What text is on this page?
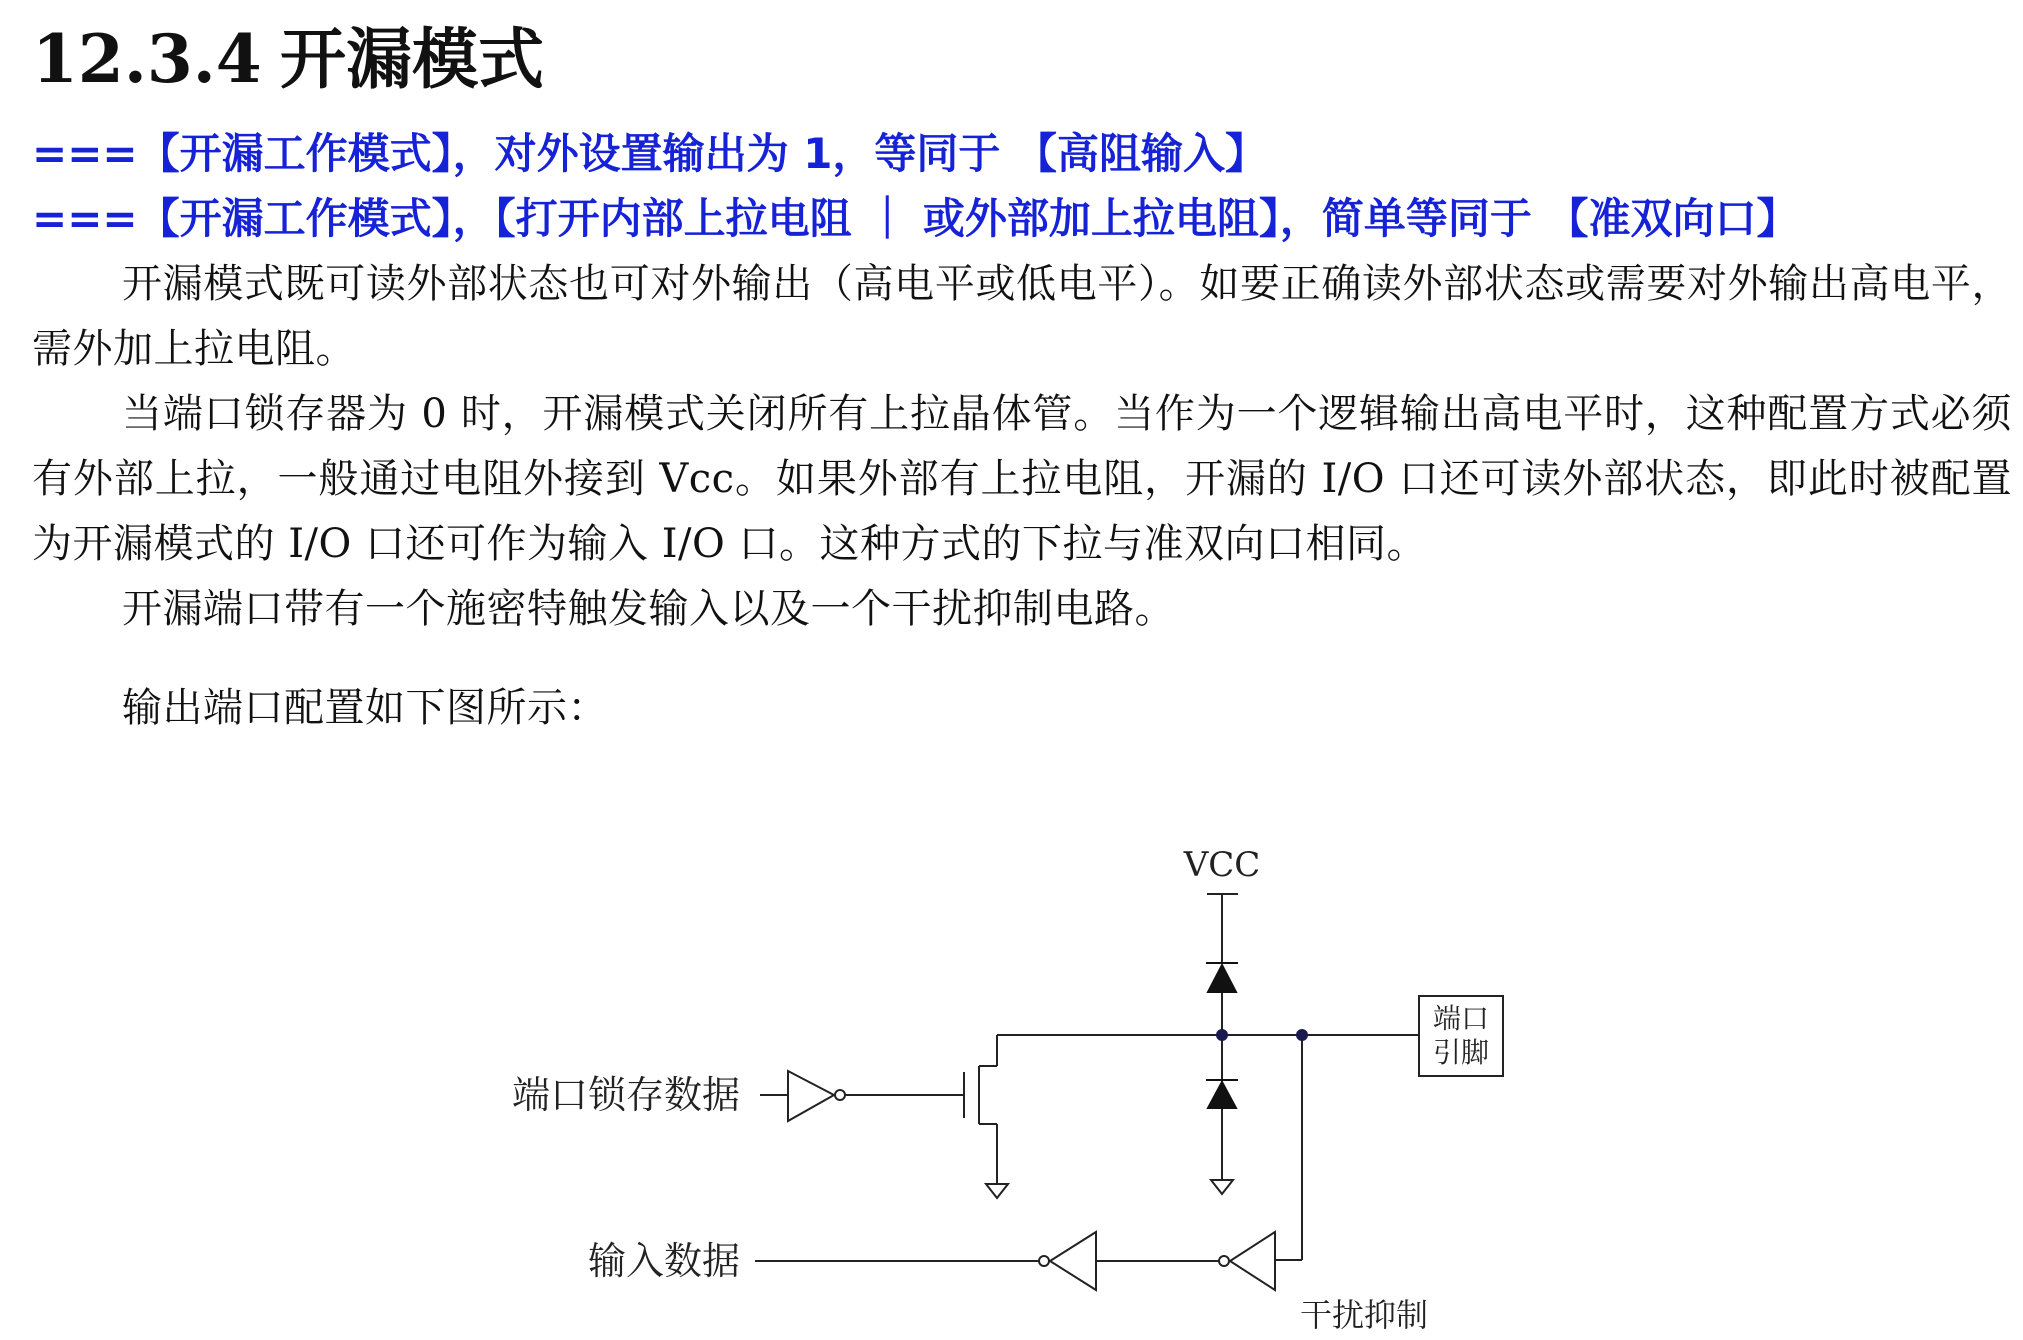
12.3.4 开漏模式
===【开漏工作模式】，对外设置输出为 1，等同于 【高阻输入】
===【开漏工作模式】，【打开内部上拉电阻 ｜ 或外部加上拉电阻】，简单等同于 【准双向口】

开漏模式既可读外部状态也可对外输出（高电平或低电平）。如要正确读外部状态或需要对外输出高电平，需外加上拉电阻。

当端口锁存器为 0 时，开漏模式关闭所有上拉晶体管。当作为一个逻辑输出高电平时，这种配置方式必须有外部上拉，一般通过电阻外接到 Vcc。如果外部有上拉电阻，开漏的 I/O 口还可读外部状态，即此时被配置为开漏模式的 I/O 口还可作为输入 I/O 口。这种方式的下拉与准双向口相同。

开漏端口带有一个施密特触发输入以及一个干扰抑制电路。

输出端口配置如下图所示：

VCC
端口
引脚
端口锁存数据
输入数据
干扰抑制
